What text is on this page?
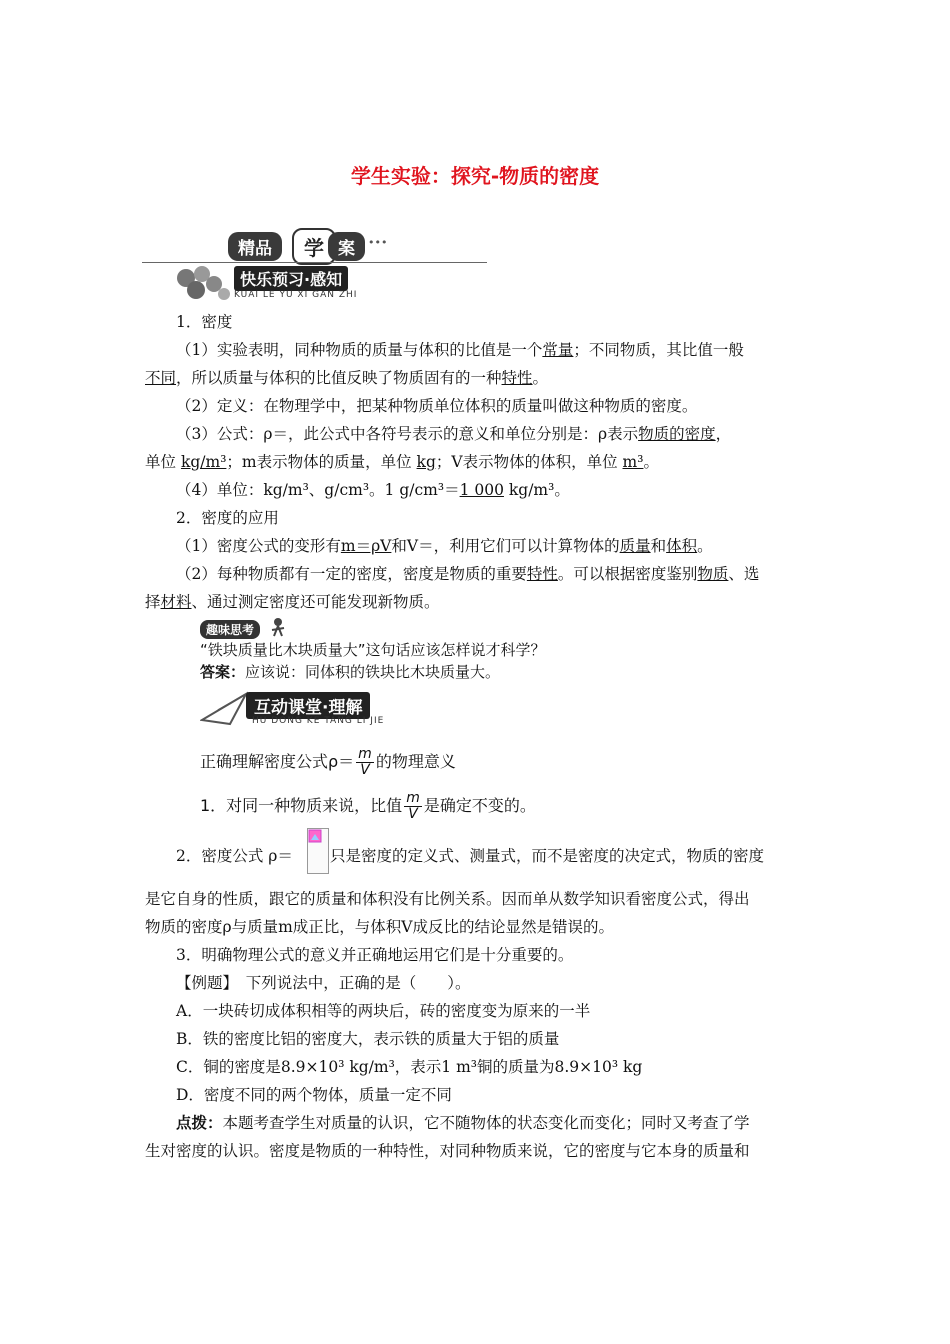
学生实验：探究-物质的密度
精品	学 案	•••
快乐预习·感知
KUAI LE YU XI GAN ZHI
1．密度
（1）实验表明，同种物质的质量与体积的比值是一个常量；不同物质，其比值一般
不同，所以质量与体积的比值反映了物质固有的一种特性。
（2）定义：在物理学中，把某种物质单位体积的质量叫做这种物质的密度。
（3）公式：ρ＝，此公式中各符号表示的意义和单位分别是：ρ表示物质的密度，
单位 kg/m³；m表示物体的质量，单位 kg；V表示物体的体积，单位 m³。
（4）单位：kg/m³、g/cm³。1 g/cm³＝1 000 kg/m³。
2．密度的应用
（1）密度公式的变形有m＝ρV和V＝，利用它们可以计算物体的质量和体积。
（2）每种物质都有一定的密度，密度是物质的重要特性。可以根据密度鉴别物质、选
择材料、通过测定密度还可能发现新物质。
趣味思考
“铁块质量比木块质量大”这句话应该怎样说才科学？
答案：应该说：同体积的铁块比木块质量大。
互动课堂·理解
HU DONG KE TANG LI JIE
正确理解密度公式$\rho= \frac{m}{V}$ 的物理意义
1．对同一种物质来说，比值 $\frac{m}{V}$ 是确定不变的。
2．密度公式 ρ＝ 只是密度的定义式、测量式，而不是密度的决定式，物质的密度
是它自身的性质，跟它的质量和体积没有比例关系。因而单从数学知识看密度公式，得出
物质的密度ρ与质量m成正比，与体积V成反比的结论显然是错误的。
3．明确物理公式的意义并正确地运用它们是十分重要的。
【例题】　 下列说法中，正确的是（　　）。
A．一块砖切成体积相等的两块后，砖的密度变为原来的一半
B．铁的密度比铝的密度大，表示铁的质量大于铝的质量
C．铜的密度是8.9×10³ kg/m³，表示1 m³铜的质量为8.9×10³ kg
D．密度不同的两个物体，质量一定不同
点拨：本题考查学生对质量的认识，它不随物体的状态变化而变化；同时又考查了学
生对密度的认识。密度是物质的一种特性，对同种物质来说，它的密度与它本身的质量和
